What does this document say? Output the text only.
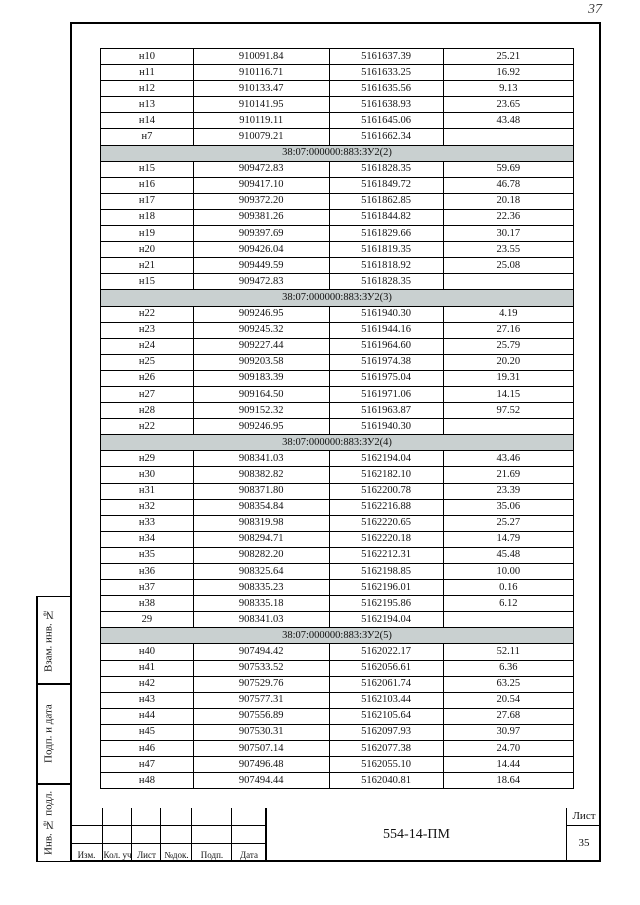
37
Взам. инв. №
Подп. и дата
Инв. № подл.
н10	910091.84	5161637.39	25.21
н11	910116.71	5161633.25	16.92
н12	910133.47	5161635.56	9.13
н13	910141.95	5161638.93	23.65
н14	910119.11	5161645.06	43.48
н7	910079.21	5161662.34	
38:07:000000:883:ЗУ2(2)			
н15	909472.83	5161828.35	59.69
н16	909417.10	5161849.72	46.78
н17	909372.20	5161862.85	20.18
н18	909381.26	5161844.82	22.36
н19	909397.69	5161829.66	30.17
н20	909426.04	5161819.35	23.55
н21	909449.59	5161818.92	25.08
н15	909472.83	5161828.35	
38:07:000000:883:ЗУ2(3)			
н22	909246.95	5161940.30	4.19
н23	909245.32	5161944.16	27.16
н24	909227.44	5161964.60	25.79
н25	909203.58	5161974.38	20.20
н26	909183.39	5161975.04	19.31
н27	909164.50	5161971.06	14.15
н28	909152.32	5161963.87	97.52
н22	909246.95	5161940.30	
38:07:000000:883:ЗУ2(4)			
н29	908341.03	5162194.04	43.46
н30	908382.82	5162182.10	21.69
н31	908371.80	5162200.78	23.39
н32	908354.84	5162216.88	35.06
н33	908319.98	5162220.65	25.27
н34	908294.71	5162220.18	14.79
н35	908282.20	5162212.31	45.48
н36	908325.64	5162198.85	10.00
н37	908335.23	5162196.01	0.16
н38	908335.18	5162195.86	6.12
29	908341.03	5162194.04	
38:07:000000:883:ЗУ2(5)			
н40	907494.42	5162022.17	52.11
н41	907533.52	5162056.61	6.36
н42	907529.76	5162061.74	63.25
н43	907577.31	5162103.44	20.54
н44	907556.89	5162105.64	27.68
н45	907530.31	5162097.93	30.97
н46	907507.14	5162077.38	24.70
н47	907496.48	5162055.10	14.44
н48	907494.44	5162040.81	18.64
Изм. Кол. уч Лист №док.	Подп.	Дата
554-14-ПМ
Лист
35
